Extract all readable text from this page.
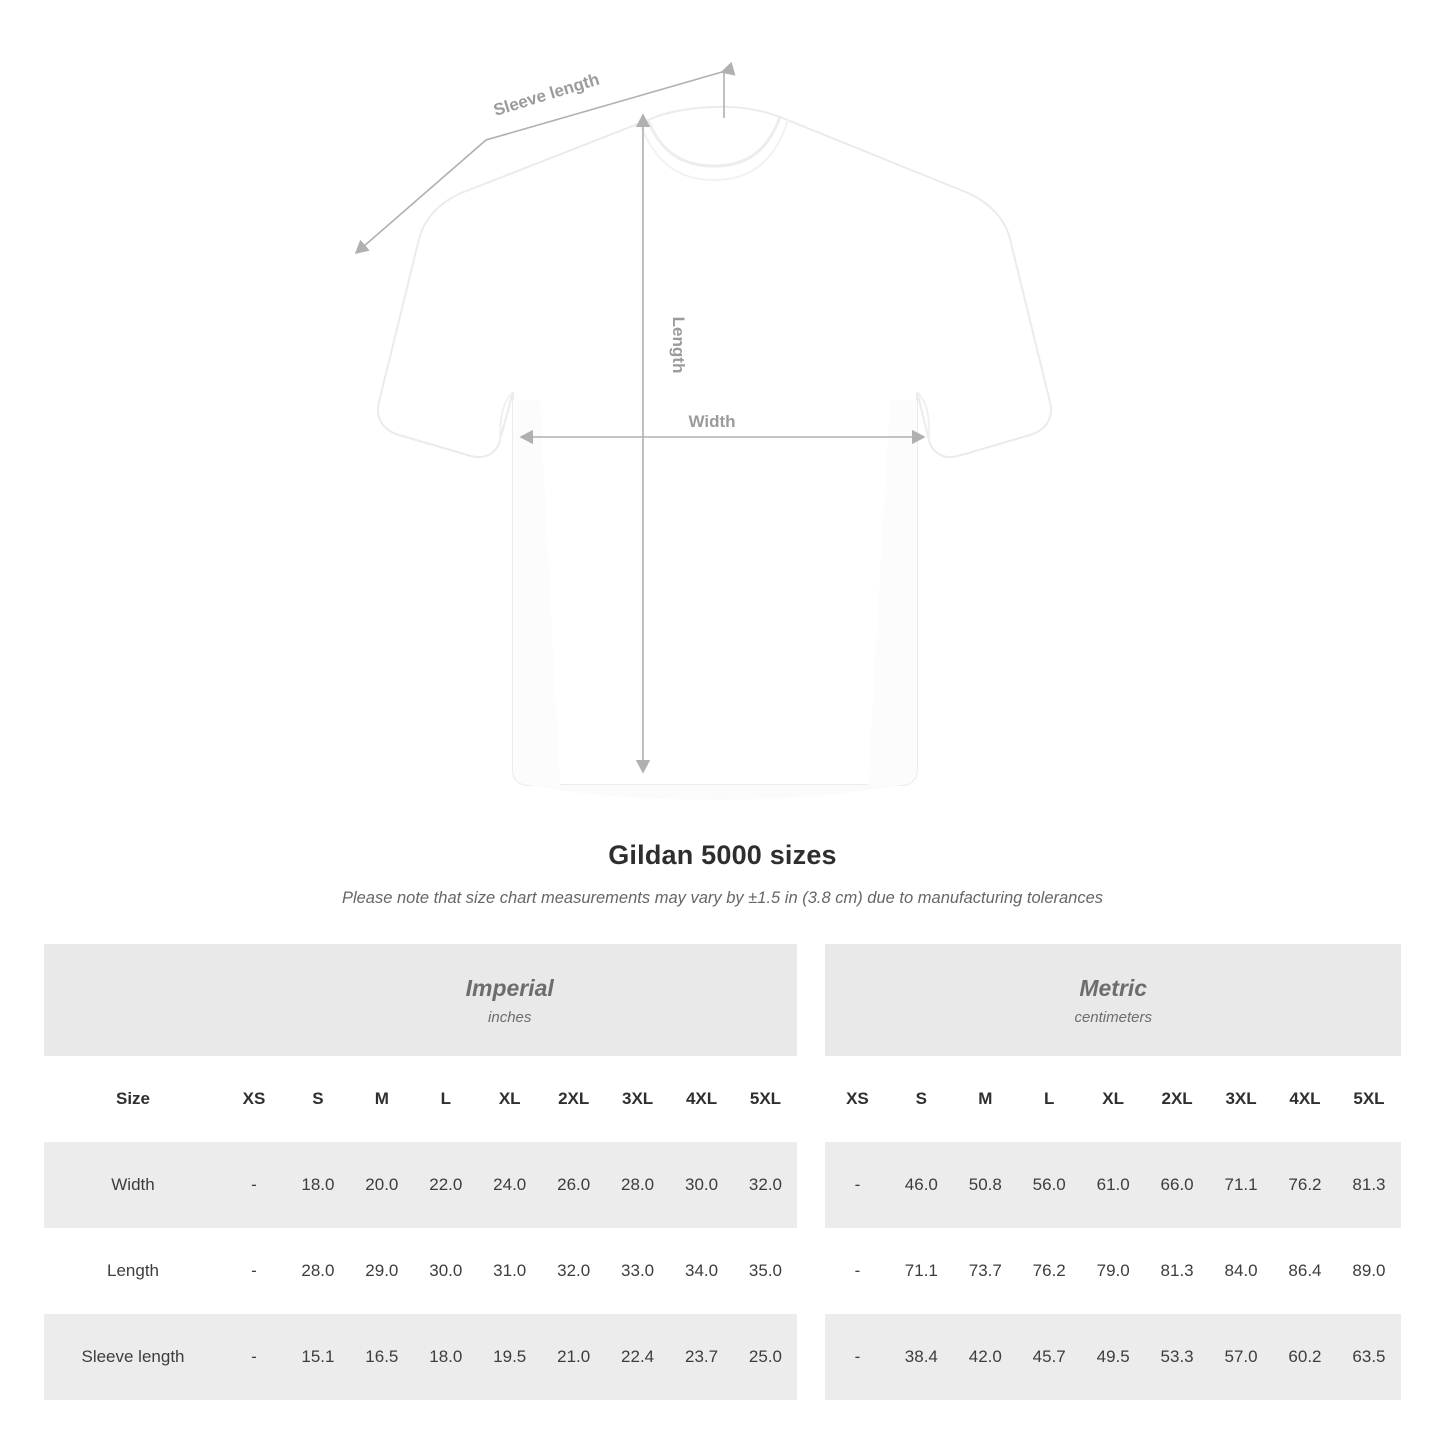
Sleeve length
Length
Width
Gildan 5000 sizes

Please note that size chart measurements may vary by ±1.5 in (3.8 cm) due to manufacturing tolerances

Imperial
inches

Metric
centimeters

Size	XS	S	M	L	XL	2XL	3XL	4XL	5XL		XS	S	M	L	XL	2XL	3XL	4XL	5XL
Width	-	18.0	20.0	22.0	24.0	26.0	28.0	30.0	32.0		-	46.0	50.8	56.0	61.0	66.0	71.1	76.2	81.3
Length	-	28.0	29.0	30.0	31.0	32.0	33.0	34.0	35.0		-	71.1	73.7	76.2	79.0	81.3	84.0	86.4	89.0
Sleeve length	-	15.1	16.5	18.0	19.5	21.0	22.4	23.7	25.0		-	38.4	42.0	45.7	49.5	53.3	57.0	60.2	63.5
